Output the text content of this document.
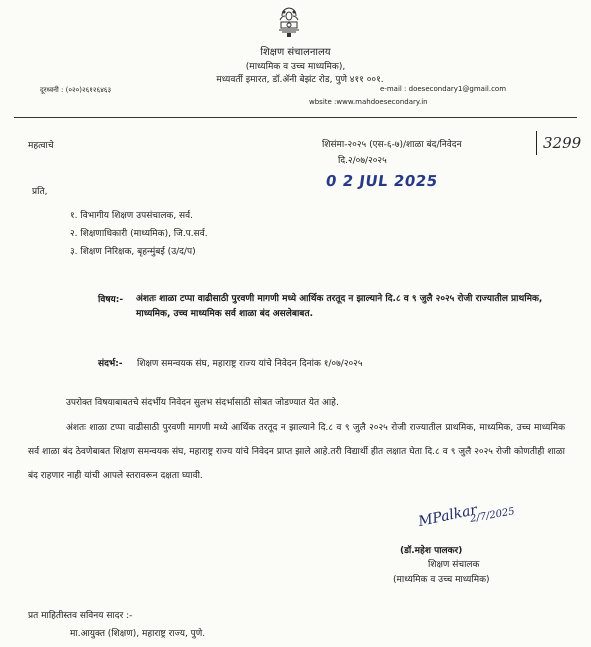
शिक्षण संचालनालय
(माध्यमिक व उच्च माध्यमिक),
मध्यवर्ती इमारत, डॉ.ॲनी बेझंट रोड, पुणे ४११ ००१.
दूरध्वनी : (०२०)२६१२६४६३	e-mail : doesecondary1@gmail.com
wbsite :www.mahdoesecondary.in
महत्वाचे	शिसंमा-२०२५ (एस-६-७)/शाळा बंद/निवेदन
दि.२/०७/२०२५
3299
0 2 JUL 2025
प्रति,
१. विभागीय शिक्षण उपसंचालक, सर्व.
२. शिक्षणाधिकारी (माध्यमिक), जि.प.सर्व.
३. शिक्षण निरिक्षक, बृहन्मुंबई (उ/द/प)
विषय:- अंशतः शाळा टप्पा वाढीसाठी पुरवणी मागणी मध्ये आर्थिक तरतूद न झाल्याने दि.८ व ९ जुलै २०२५ रोजी राज्यातील प्राथमिक, माध्यमिक, उच्च माध्यमिक सर्व शाळा बंद असलेबाबत.
संदर्भ:- शिक्षण समन्वयक संघ, महाराष्ट्र राज्य यांचे निवेदन दिनांक १/०७/२०२५
उपरोक्त विषयाबाबतचे संदर्भीय निवेदन सुलभ संदर्भासाठी सोबत जोडण्यात येत आहे.
अंशतः शाळा टप्पा वाढीसाठी पुरवणी मागणी मध्ये आर्थिक तरतूद न झाल्याने दि.८ व ९ जुलै २०२५ रोजी राज्यातील प्राथमिक, माध्यमिक, उच्च माध्यमिक सर्व शाळा बंद ठेवणेबाबत शिक्षण समन्वयक संघ, महाराष्ट्र राज्य यांचे निवेदन प्राप्त झाले आहे.तरी विद्यार्थी हीत लक्षात घेता दि.८ व ९ जुलै २०२५ रोजी कोणतीही शाळा बंद राहणार नाही यांची आपले स्तरावरून दक्षता घ्यावी.
MPalkar
2/7/2025
(डॉ.महेश पालकर)
शिक्षण संचालक
(माध्यमिक व उच्च माध्यमिक)
प्रत माहितीस्तव सविनय सादर :-
मा.आयुक्त (शिक्षण), महाराष्ट्र राज्य, पुणे.
